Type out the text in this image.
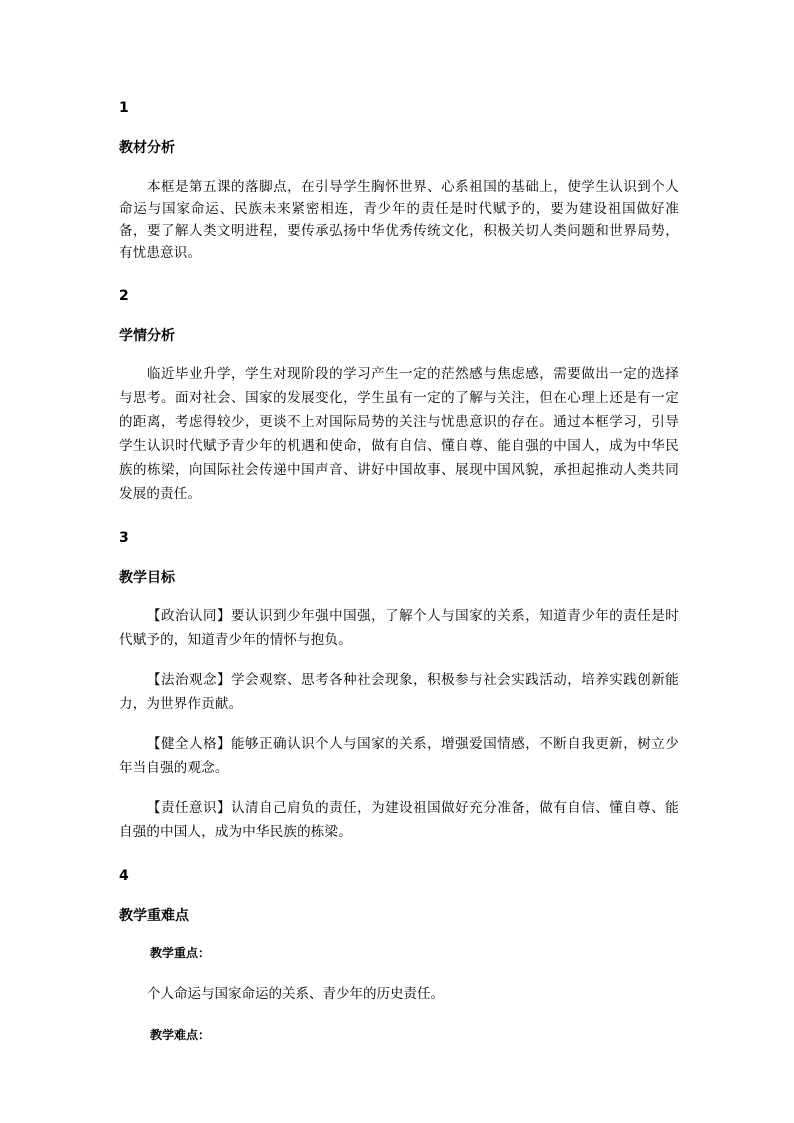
1

教材分析

本框是第五课的落脚点，在引导学生胸怀世界、心系祖国的基础上，使学生认识到个人命运与国家命运、民族未来紧密相连，青少年的责任是时代赋予的，要为建设祖国做好准备，要了解人类文明进程，要传承弘扬中华优秀传统文化，积极关切人类问题和世界局势，有忧患意识。

2

学情分析

临近毕业升学，学生对现阶段的学习产生一定的茫然感与焦虑感，需要做出一定的选择与思考。面对社会、国家的发展变化，学生虽有一定的了解与关注，但在心理上还是有一定的距离，考虑得较少，更谈不上对国际局势的关注与忧患意识的存在。通过本框学习，引导学生认识时代赋予青少年的机遇和使命，做有自信、懂自尊、能自强的中国人，成为中华民族的栋梁，向国际社会传递中国声音、讲好中国故事、展现中国风貌，承担起推动人类共同发展的责任。

3

教学目标

【政治认同】要认识到少年强中国强，了解个人与国家的关系，知道青少年的责任是时代赋予的，知道青少年的情怀与抱负。

【法治观念】学会观察、思考各种社会现象，积极参与社会实践活动，培养实践创新能力，为世界作贡献。

【健全人格】能够正确认识个人与国家的关系，增强爱国情感，不断自我更新，树立少年当自强的观念。

【责任意识】认清自己肩负的责任，为建设祖国做好充分准备，做有自信、懂自尊、能自强的中国人，成为中华民族的栋梁。

4

教学重难点

教学重点：

个人命运与国家命运的关系、青少年的历史责任。

教学难点：
